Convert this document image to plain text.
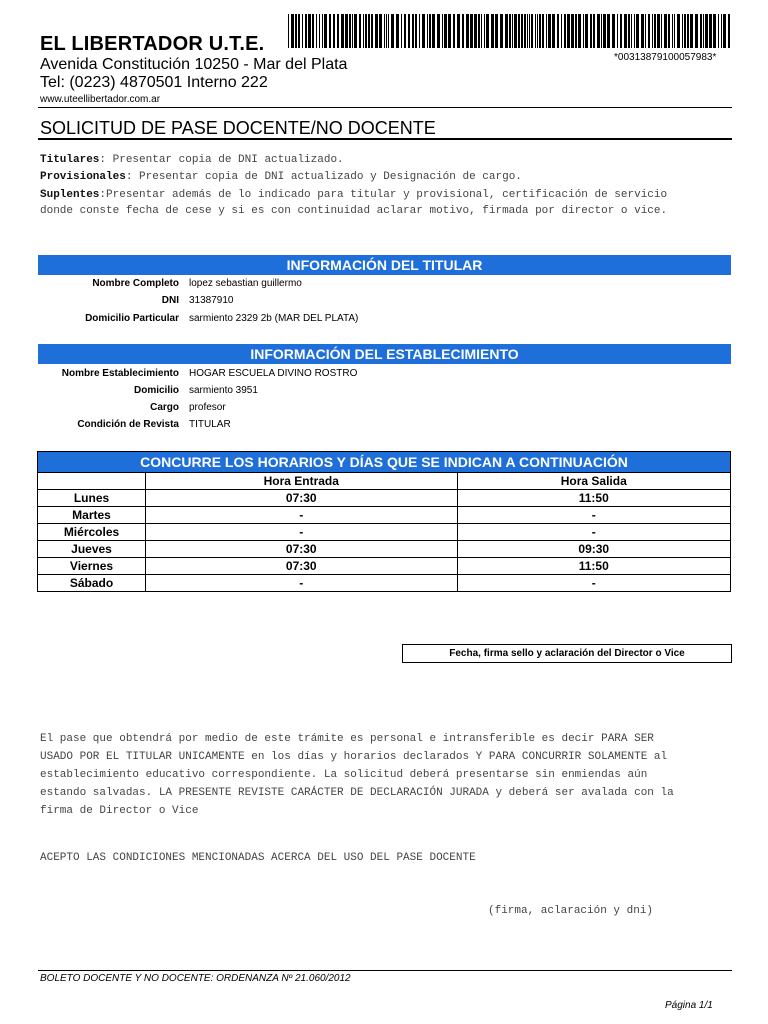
EL LIBERTADOR U.T.E.
Avenida Constitución 10250 - Mar del Plata
Tel: (0223) 4870501 Interno 222
www.uteellibertador.com.ar
*00313879100057983*
SOLICITUD DE PASE DOCENTE/NO DOCENTE
Titulares: Presentar copia de DNI actualizado.
Provisionales: Presentar copia de DNI actualizado y Designación de cargo.
Suplentes:Presentar además de lo indicado para titular y provisional, certificación de servicio
donde conste fecha de cese y si es con continuidad aclarar motivo, firmada por director o vice.
INFORMACIÓN DEL TITULAR
Nombre Completo lopez sebastian guillermo
DNI 31387910
Domicilio Particular sarmiento 2329 2b (MAR DEL PLATA)
INFORMACIÓN DEL ESTABLECIMIENTO
Nombre Establecimiento HOGAR ESCUELA DIVINO ROSTRO
Domicilio sarmiento 3951
Cargo profesor
Condición de Revista TITULAR
CONCURRE LOS HORARIOS Y DÍAS QUE SE INDICAN A CONTINUACIÓN		
	Hora Entrada	Hora Salida
Lunes	07:30	11:50
Martes	-	-
Miércoles	-	-
Jueves	07:30	09:30
Viernes	07:30	11:50
Sábado	-	-
Fecha, firma sello y aclaración del Director o Vice
El pase que obtendrá por medio de este trámite es personal e intransferible es decir PARA SER
USADO POR EL TITULAR UNICAMENTE en los días y horarios declarados Y PARA CONCURRIR SOLAMENTE al
establecimiento educativo correspondiente. La solicitud deberá presentarse sin enmiendas aún
estando salvadas. LA PRESENTE REVISTE CARÁCTER DE DECLARACIÓN JURADA y deberá ser avalada con la
firma de Director o Vice
ACEPTO LAS CONDICIONES MENCIONADAS ACERCA DEL USO DEL PASE DOCENTE
(firma, aclaración y dni)
BOLETO DOCENTE Y NO DOCENTE: ORDENANZA Nº 21.060/2012
Página 1/1
